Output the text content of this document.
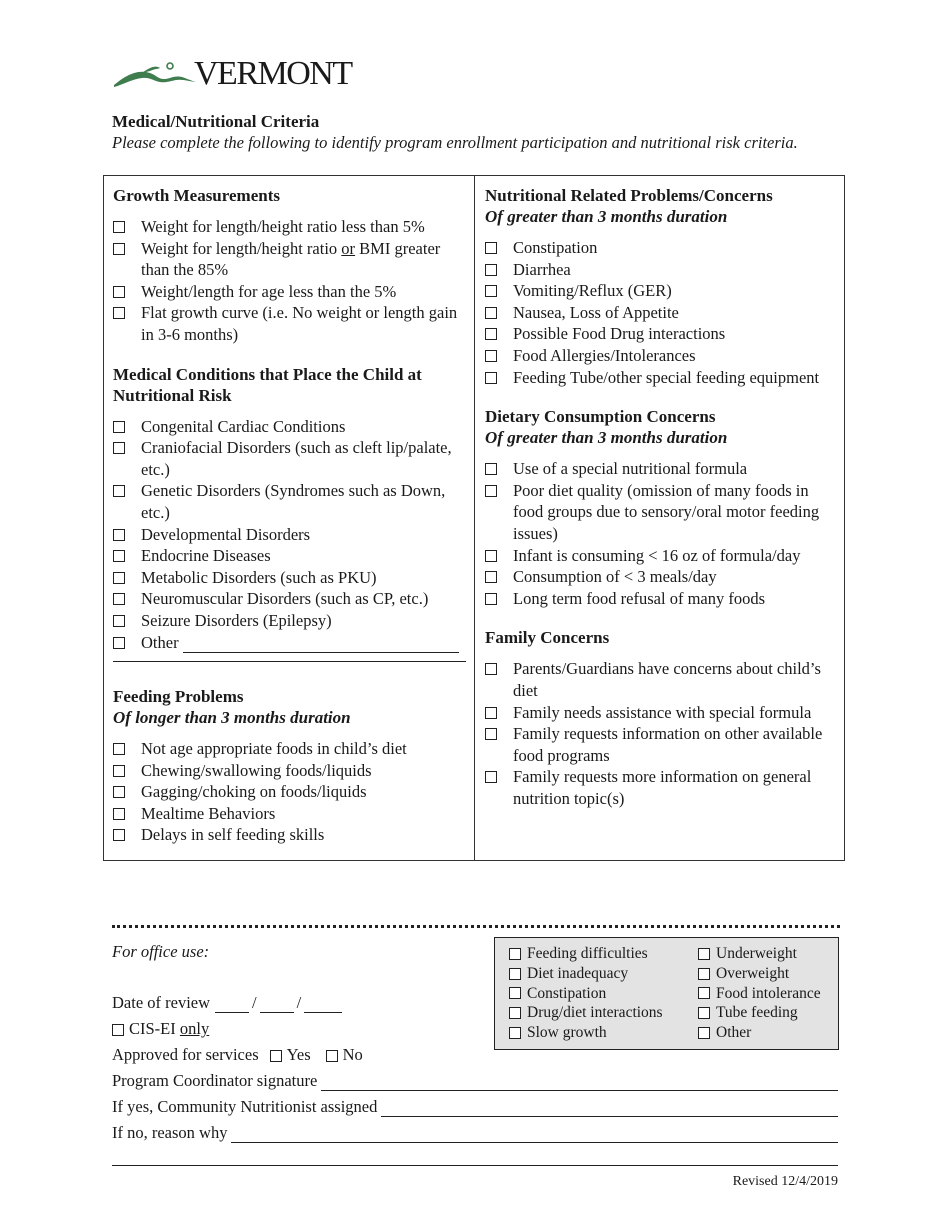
VERMONT
Medical/Nutritional Criteria
Please complete the following to identify program enrollment participation and nutritional risk criteria.
Growth Measurements
Weight for length/height ratio less than 5%
Weight for length/height ratio or BMI greater than the 85%
Weight/length for age less than the 5%
Flat growth curve (i.e. No weight or length gain in 3-6 months)
Medical Conditions that Place the Child at Nutritional Risk
Congenital Cardiac Conditions
Craniofacial Disorders (such as cleft lip/palate, etc.)
Genetic Disorders (Syndromes such as Down, etc.)
Developmental Disorders
Endocrine Diseases
Metabolic Disorders (such as PKU)
Neuromuscular Disorders (such as CP, etc.)
Seizure Disorders (Epilepsy)
Other
Feeding Problems
Of longer than 3 months duration
Not age appropriate foods in child’s diet
Chewing/swallowing foods/liquids
Gagging/choking on foods/liquids
Mealtime Behaviors
Delays in self feeding skills
Nutritional Related Problems/Concerns
Of greater than 3 months duration
Constipation
Diarrhea
Vomiting/Reflux (GER)
Nausea, Loss of Appetite
Possible Food Drug interactions
Food Allergies/Intolerances
Feeding Tube/other special feeding equipment
Dietary Consumption Concerns
Of greater than 3 months duration
Use of a special nutritional formula
Poor diet quality (omission of many foods in food groups due to sensory/oral motor feeding issues)
Infant is consuming < 16 oz of formula/day
Consumption of < 3 meals/day
Long term food refusal of many foods
Family Concerns
Parents/Guardians have concerns about child’s diet
Family needs assistance with special formula
Family requests information on other available food programs
Family requests more information on general nutrition topic(s)
For office use:
Date of review	/ /
CIS-EI
only
Approved for services Yes No
Program Coordinator signature
If yes, Community Nutritionist assigned
If no, reason why
Feeding difficulties
Diet inadequacy
Constipation
Drug/diet interactions
Slow growth
Underweight
Overweight
Food intolerance
Tube feeding
Other
Revised 12/4/2019
